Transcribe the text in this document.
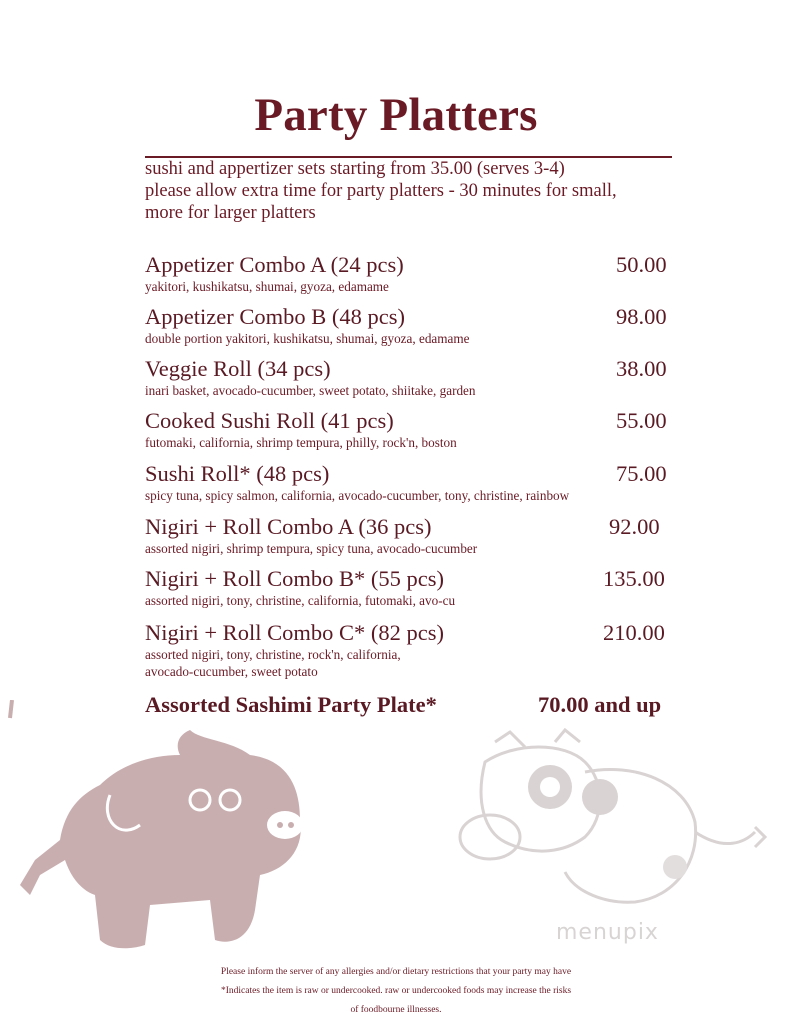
menupix
Party Platters
sushi and appertizer sets starting from 35.00 (serves 3-4)
please allow extra time for party platters - 30 minutes for small,
more for larger platters
Appetizer Combo A (24 pcs)	50.00
yakitori, kushikatsu, shumai, gyoza, edamame
Appetizer Combo B (48 pcs)	98.00
double portion yakitori, kushikatsu, shumai, gyoza, edamame
Veggie Roll (34 pcs)	38.00
inari basket, avocado-cucumber, sweet potato, shiitake, garden
Cooked Sushi Roll (41 pcs)	55.00
futomaki, california, shrimp tempura, philly, rock'n, boston
Sushi Roll* (48 pcs)	75.00
spicy tuna, spicy salmon, california, avocado-cucumber, tony, christine, rainbow
Nigiri + Roll Combo A (36 pcs)	92.00
assorted nigiri, shrimp tempura, spicy tuna, avocado-cucumber
Nigiri + Roll Combo B* (55 pcs)	135.00
assorted nigiri, tony, christine, california, futomaki, avo-cu
Nigiri + Roll Combo C* (82 pcs)	210.00
assorted nigiri, tony, christine, rock'n, california,
avocado-cucumber, sweet potato
Assorted Sashimi Party Plate*	70.00 and up
Please inform the server of any allergies and/or dietary restrictions that your party may have
*Indicates the item is raw or undercooked. raw or undercooked foods may increase the risks
of foodbourne illnesses.
